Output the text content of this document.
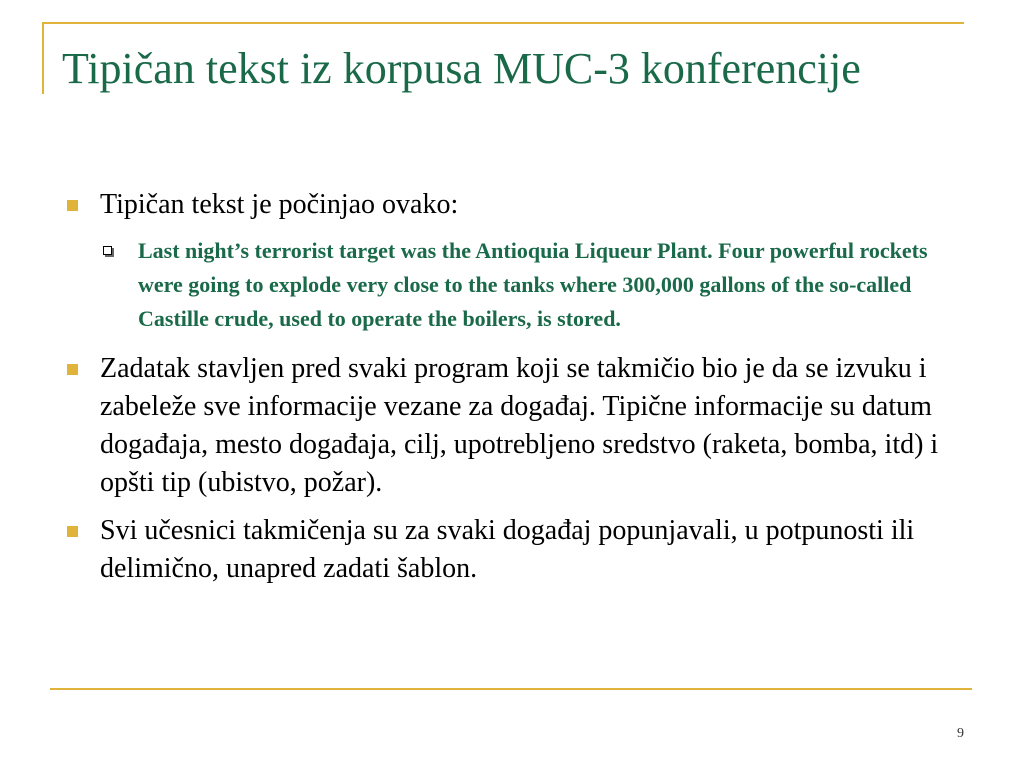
Tipičan tekst iz korpusa MUC-3 konferencije
Tipičan tekst je počinjao ovako:
Last night’s terrorist target was the Antioquia Liqueur Plant. Four powerful rockets were going to explode very close to the tanks where 300,000 gallons of the so-called Castille crude, used to operate the boilers, is stored.
Zadatak stavljen pred svaki program koji se takmičio bio je da se izvuku i zabeleže sve informacije vezane za događaj. Tipične informacije su datum događaja, mesto događaja, cilj, upotrebljeno sredstvo (raketa, bomba, itd) i opšti tip (ubistvo, požar).
Svi učesnici takmičenja su za svaki događaj popunjavali, u potpunosti ili delimično, unapred zadati šablon.
9
